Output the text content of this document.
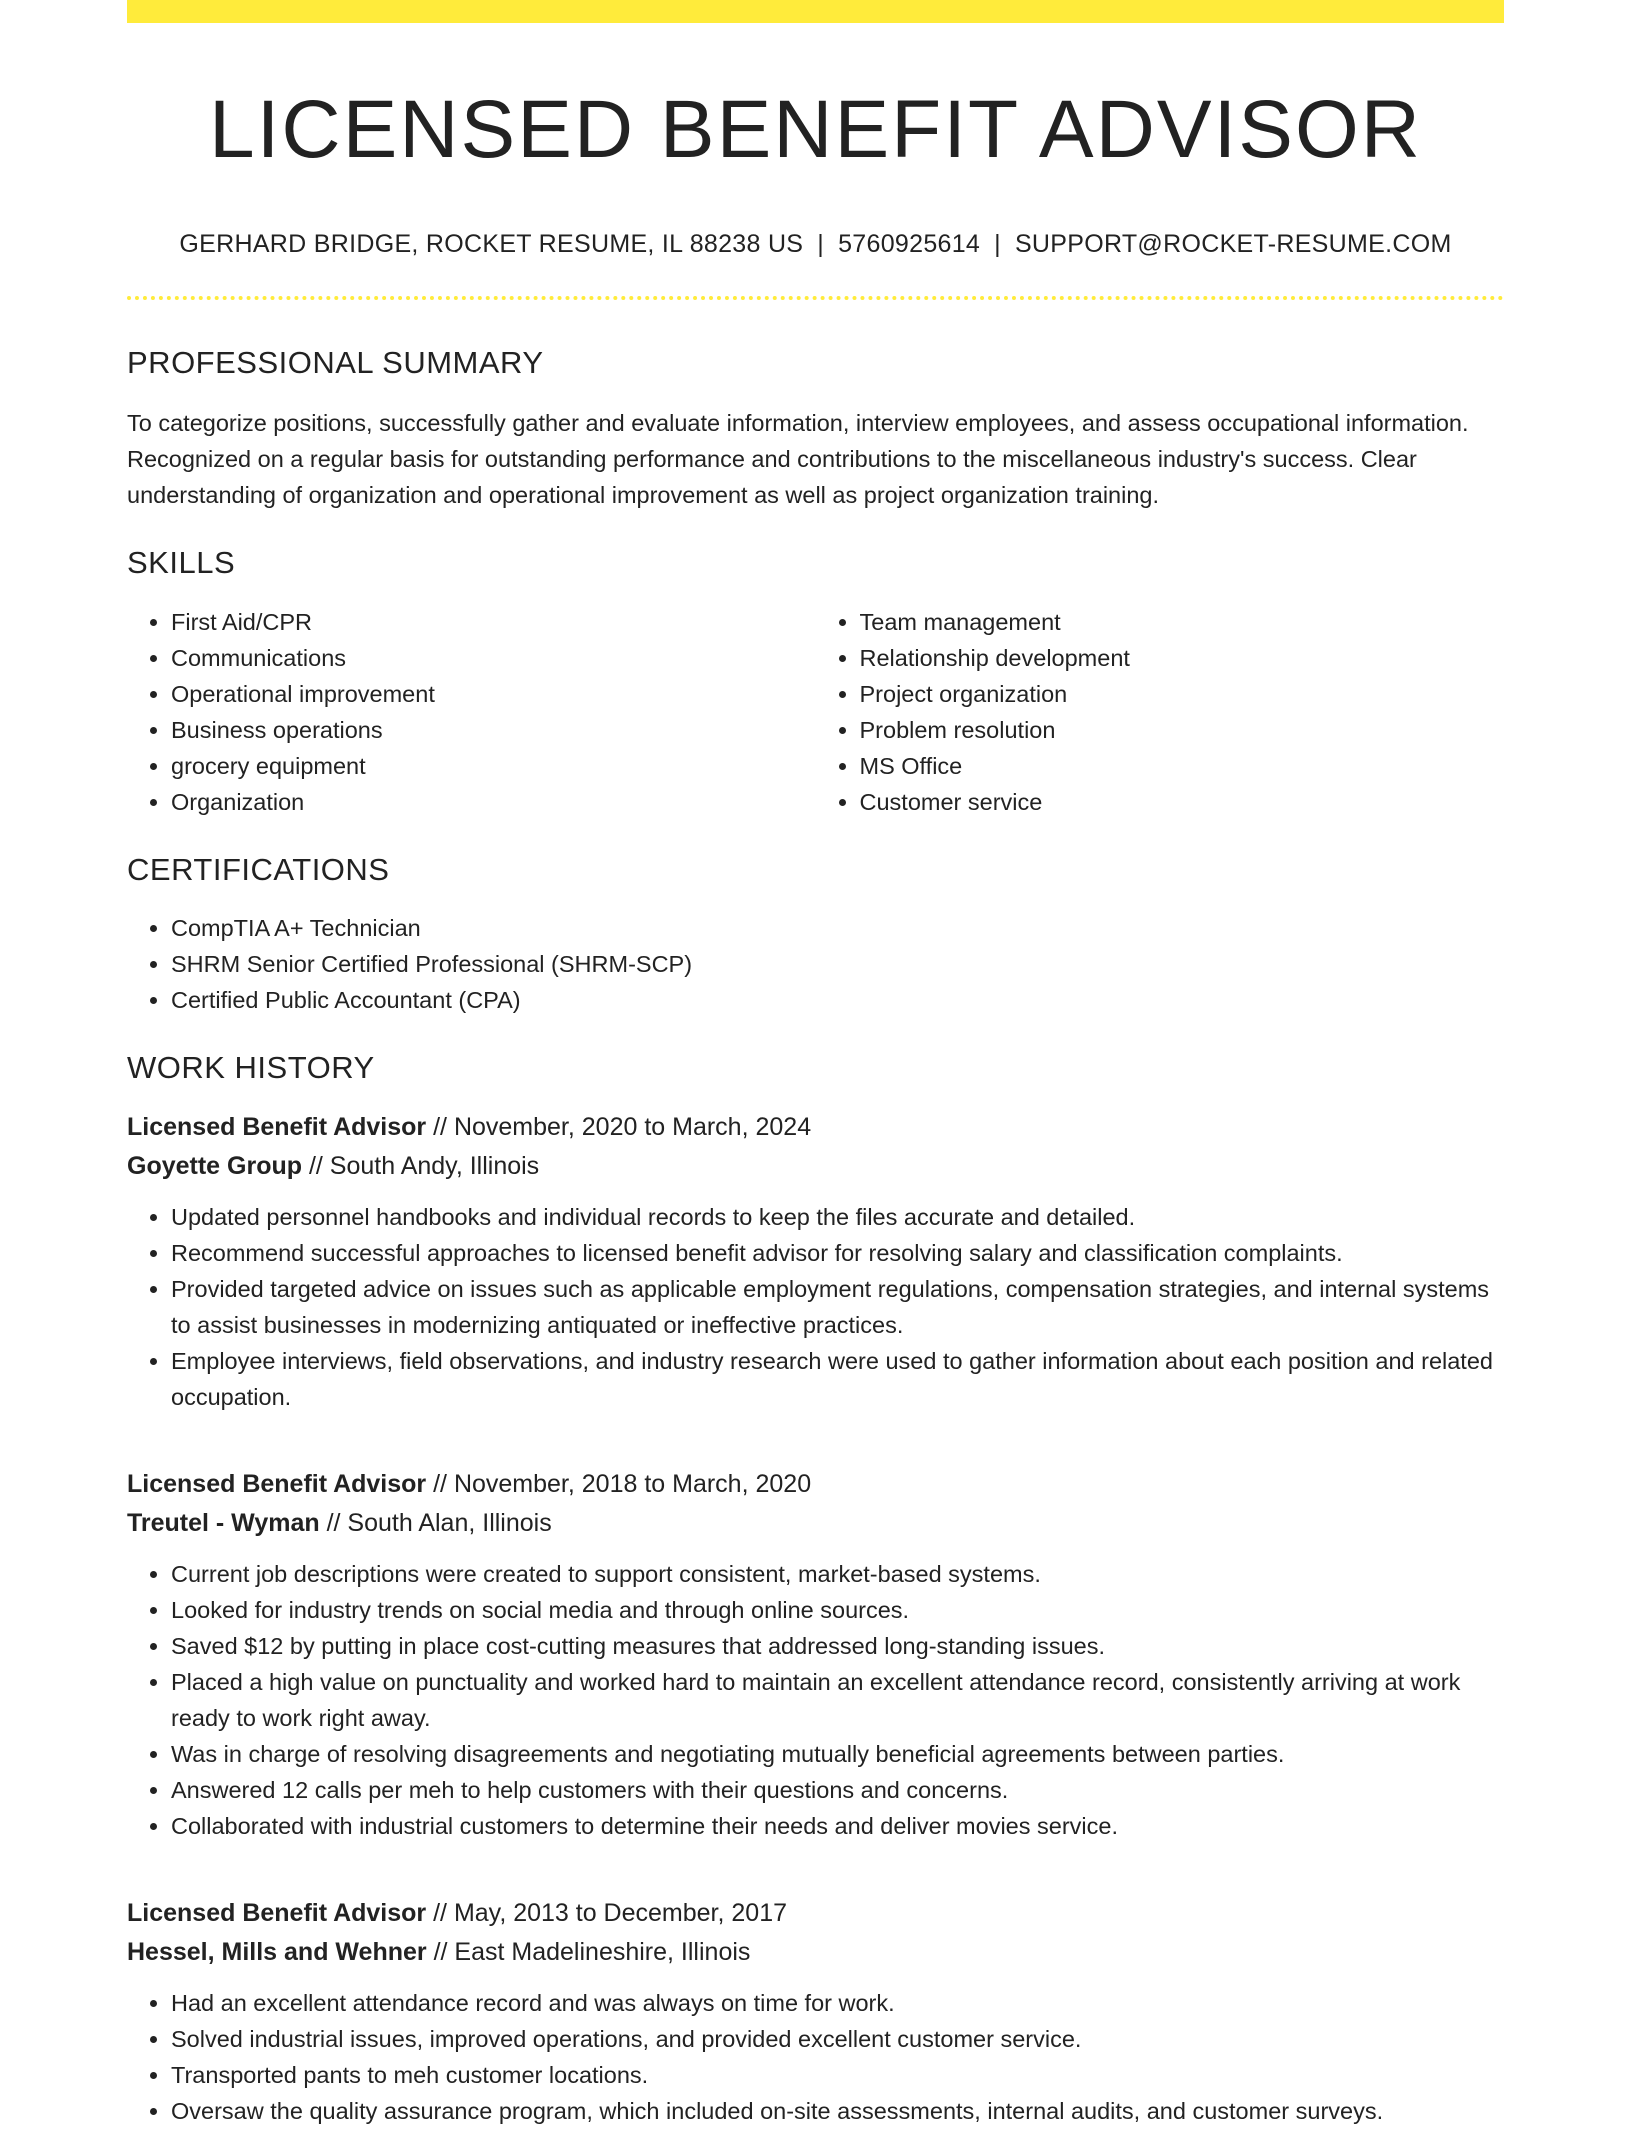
LICENSED BENEFIT ADVISOR
GERHARD BRIDGE, ROCKET RESUME, IL 88238 US | 5760925614 | SUPPORT@ROCKET-RESUME.COM
PROFESSIONAL SUMMARY
To categorize positions, successfully gather and evaluate information, interview employees, and assess occupational information. Recognized on a regular basis for outstanding performance and contributions to the miscellaneous industry's success. Clear understanding of organization and operational improvement as well as project organization training.
SKILLS
• First Aid/CPR
• Communications
• Operational improvement
• Business operations
• grocery equipment
• Organization
• Team management
• Relationship development
• Project organization
• Problem resolution
• MS Office
• Customer service
CERTIFICATIONS
• CompTIA A+ Technician
• SHRM Senior Certified Professional (SHRM-SCP)
• Certified Public Accountant (CPA)
WORK HISTORY
Licensed Benefit Advisor // November, 2020 to March, 2024
Goyette Group // South Andy, Illinois
• Updated personnel handbooks and individual records to keep the files accurate and detailed.
• Recommend successful approaches to licensed benefit advisor for resolving salary and classification complaints.
• Provided targeted advice on issues such as applicable employment regulations, compensation strategies, and internal systems to assist businesses in modernizing antiquated or ineffective practices.
• Employee interviews, field observations, and industry research were used to gather information about each position and related occupation.
Licensed Benefit Advisor // November, 2018 to March, 2020
Treutel - Wyman // South Alan, Illinois
• Current job descriptions were created to support consistent, market-based systems.
• Looked for industry trends on social media and through online sources.
• Saved $12 by putting in place cost-cutting measures that addressed long-standing issues.
• Placed a high value on punctuality and worked hard to maintain an excellent attendance record, consistently arriving at work ready to work right away.
• Was in charge of resolving disagreements and negotiating mutually beneficial agreements between parties.
• Answered 12 calls per meh to help customers with their questions and concerns.
• Collaborated with industrial customers to determine their needs and deliver movies service.
Licensed Benefit Advisor // May, 2013 to December, 2017
Hessel, Mills and Wehner // East Madelineshire, Illinois
• Had an excellent attendance record and was always on time for work.
• Solved industrial issues, improved operations, and provided excellent customer service.
• Transported pants to meh customer locations.
• Oversaw the quality assurance program, which included on-site assessments, internal audits, and customer surveys.
